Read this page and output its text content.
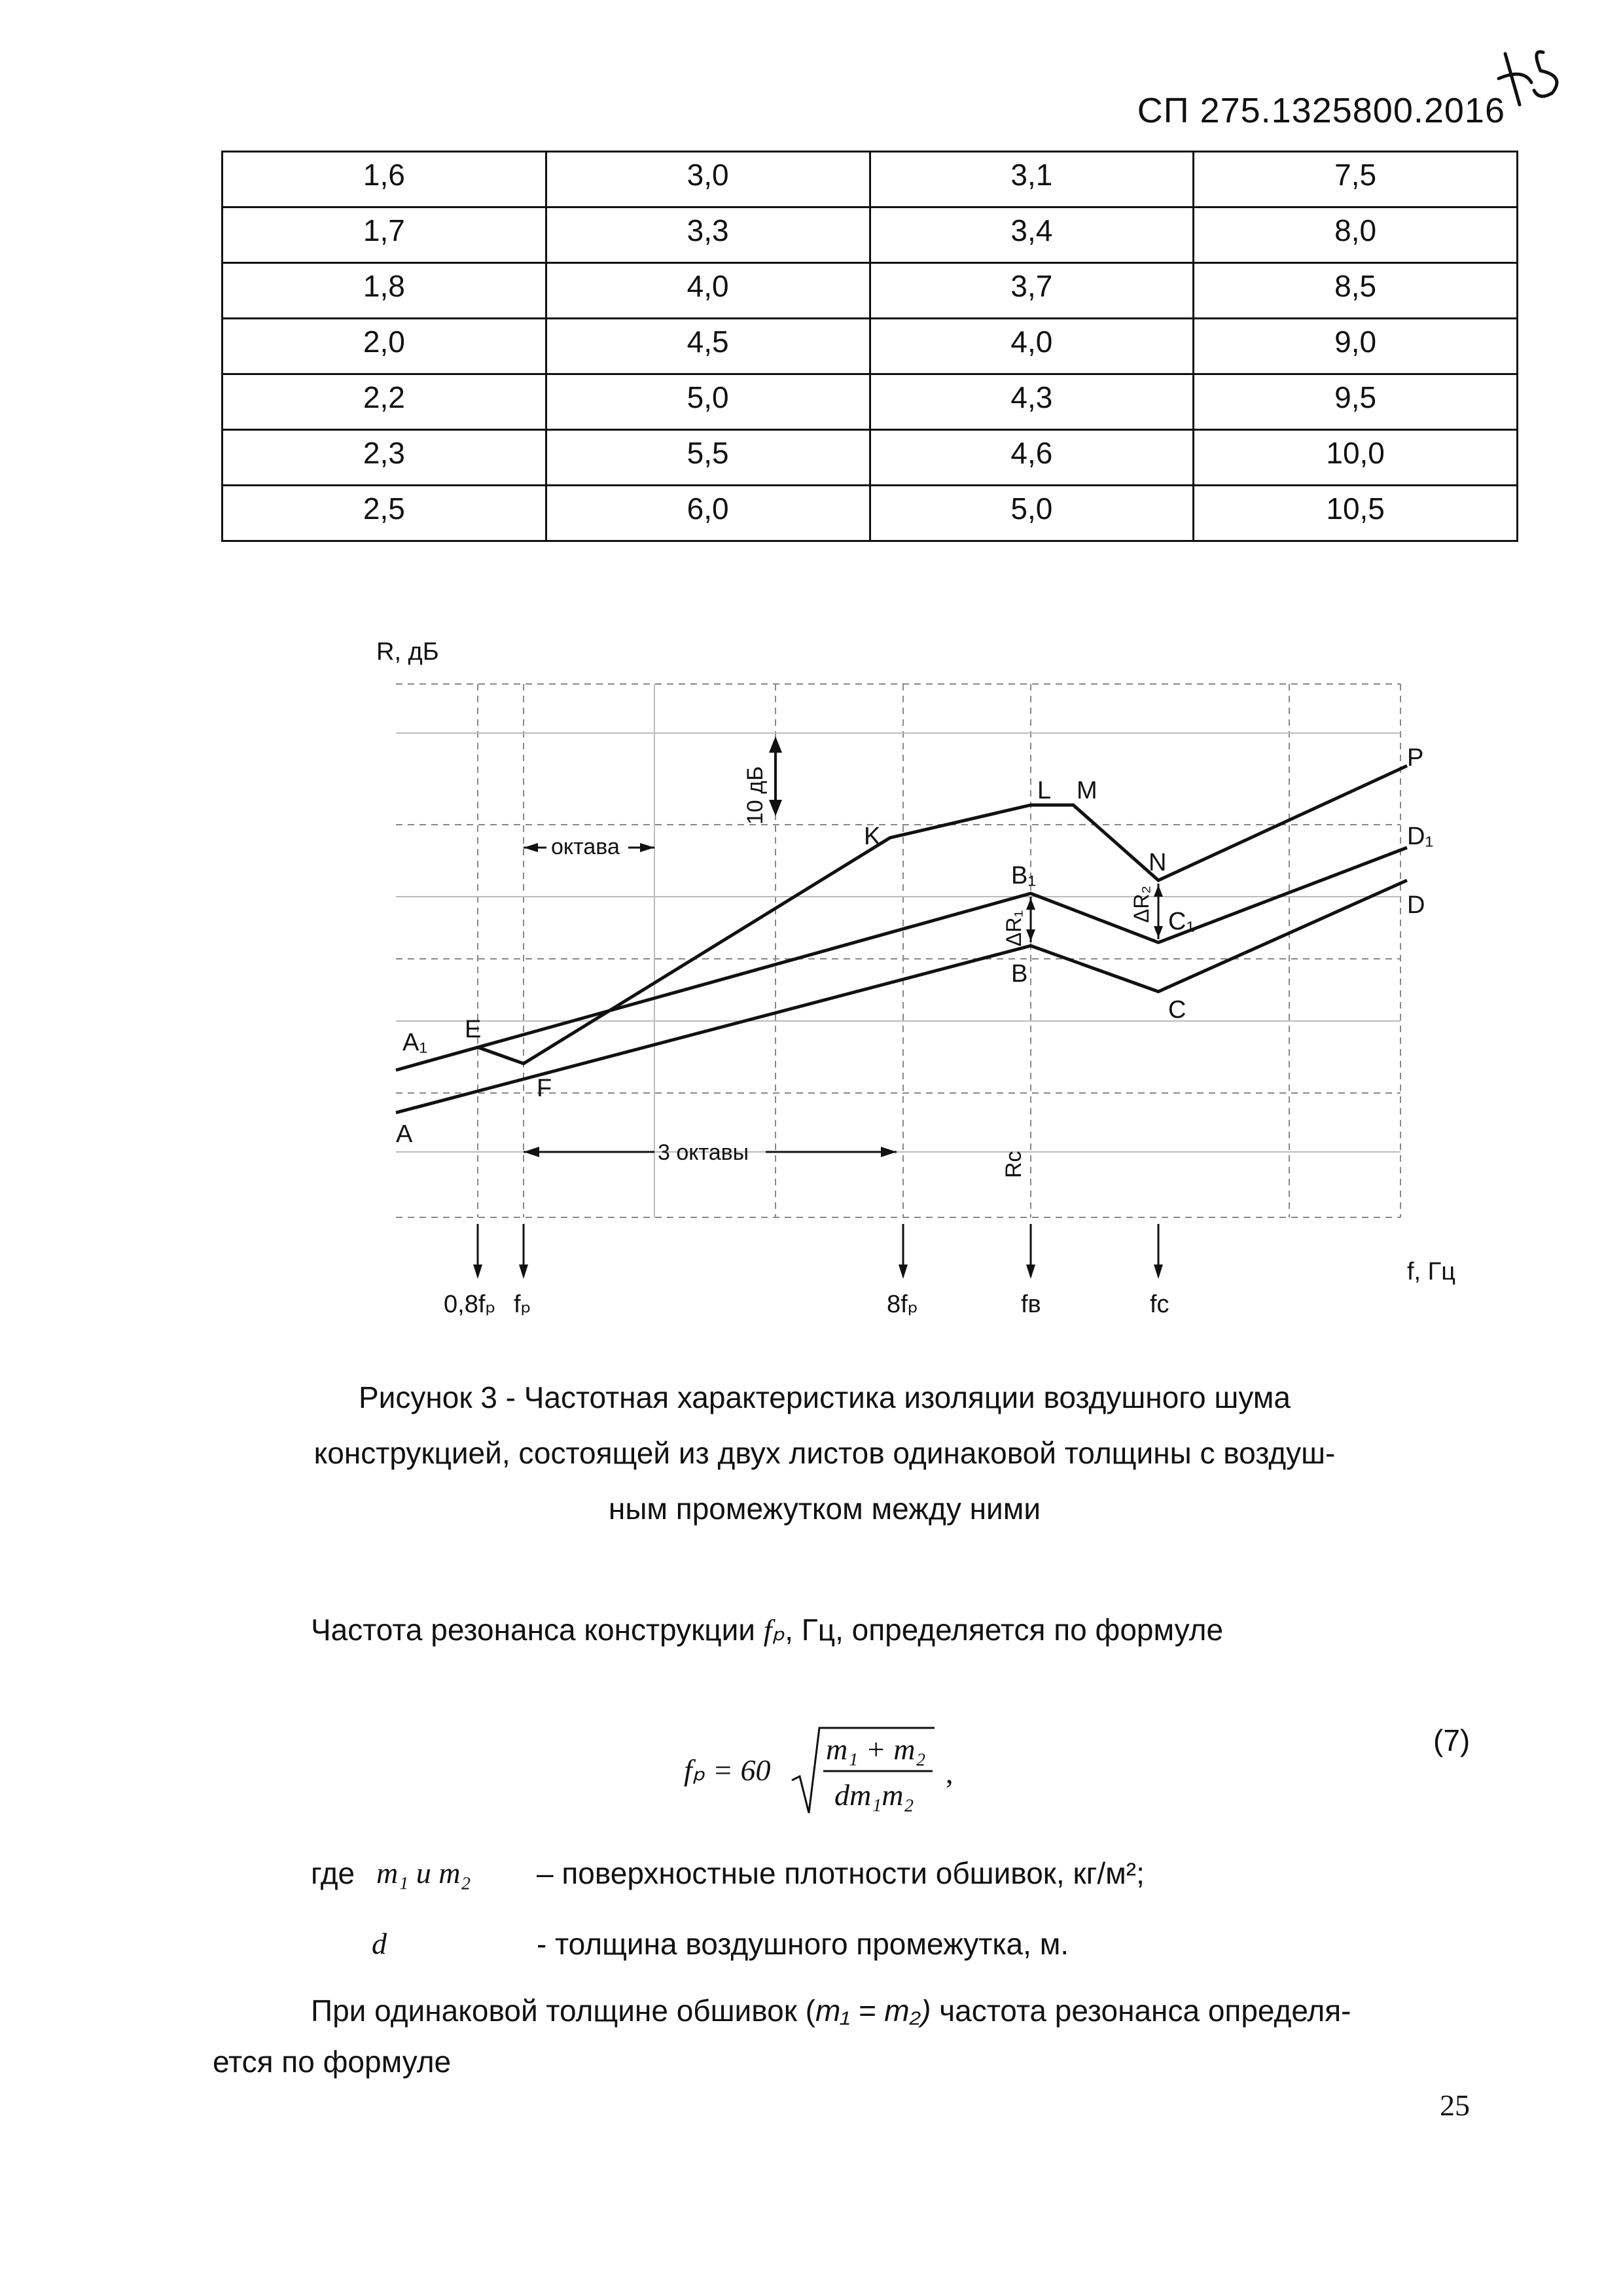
СП 275.1325800.2016
1,6	3,0	3,1	7,5
1,7	3,3	3,4	8,0
1,8	4,0	3,7	8,5
2,0	4,5	4,0	9,0
2,2	5,0	4,3	9,5
2,3	5,5	4,6	10,0
2,5	6,0	5,0	10,5
R, дБ
f, Гц
10 дБ
октава
3 октавы
ΔR₁
ΔR₂
Rc
A₁
A
E
F
K
L M
N
P
B₁
B
C₁
C
D₁
D
0,8fₚ fₚ	8fₚ	fв	fc
Рисунок 3 - Частотная характеристика изоляции воздушного шума
конструкцией, состоящей из двух листов одинаковой толщины с воздуш-
ным промежутком между ними
Частота резонанса конструкции fₚ, Гц, определяется по формуле
fₚ = 60
m₁ + m₂
dm₁m₂
,
(7)
где m₁ и m₂ – поверхностные плотности обшивок, кг/м²;
d	- толщина воздушного промежутка, м.
При одинаковой толщине обшивок (m₁ = m₂) частота резонанса определя-
ется по формуле
25
